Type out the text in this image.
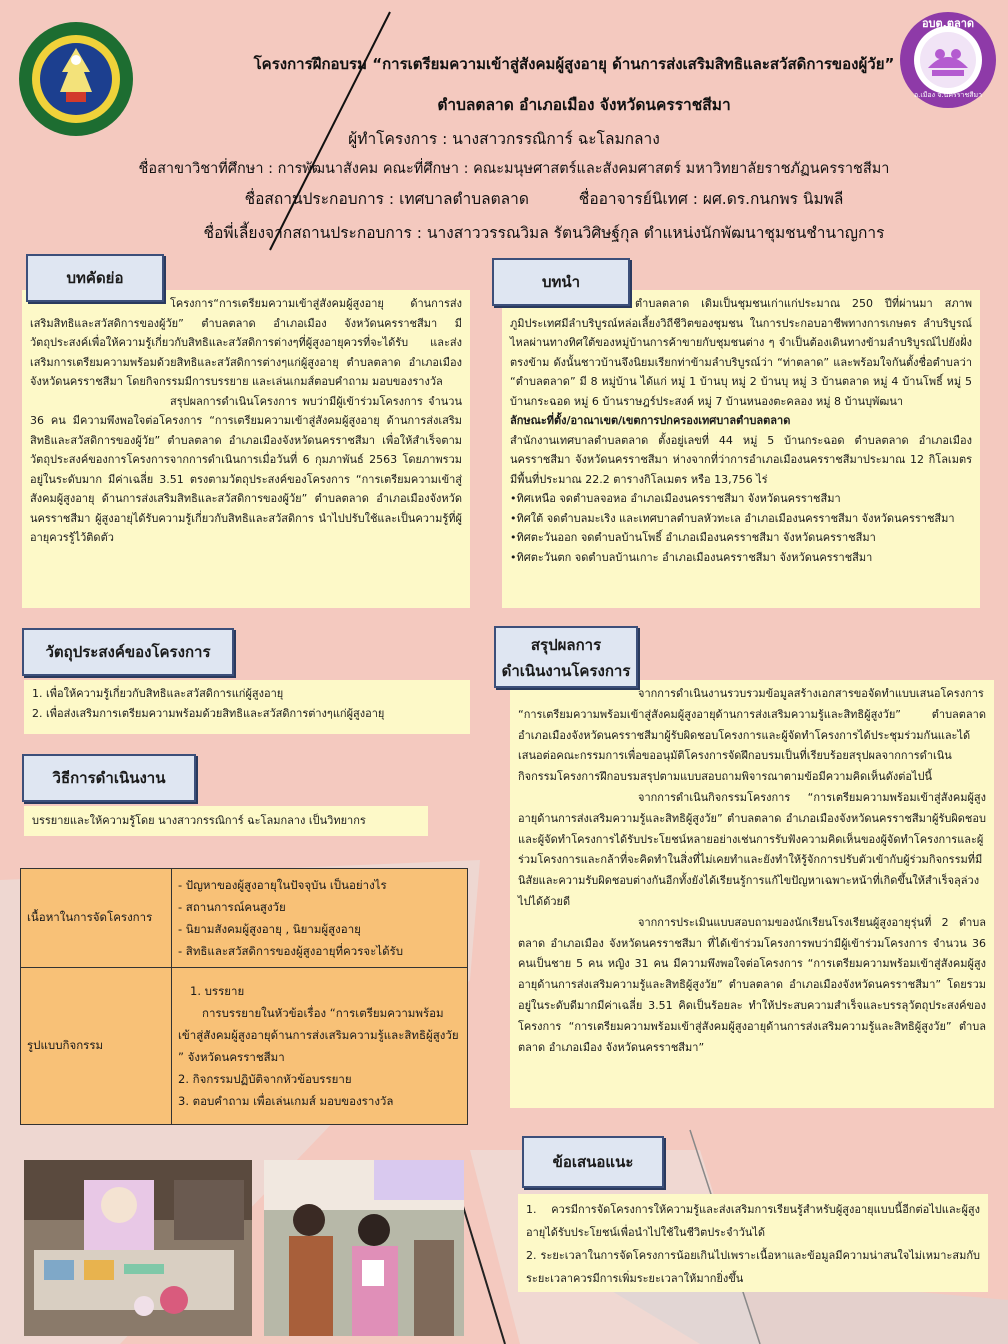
อบต.ตลาด
อ.เมือง จ.นครราชสีมา
โครงการฝึกอบรม “การเตรียมความเข้าสู่สังคมผู้สูงอายุ ด้านการส่งเสริมสิทธิและสวัสดิการของผู้วัย”
ตำบลตลาด อำเภอเมือง จังหวัดนครราชสีมา
ผู้ทำโครงการ : นางสาวกรรณิการ์ ฉะโลมกลาง
ชื่อสาขาวิชาที่ศึกษา : การพัฒนาสังคม คณะที่ศึกษา : คณะมนุษศาสตร์และสังคมศาสตร์ มหาวิทยาลัยราชภัฏนครราชสีมา
ชื่อสถานประกอบการ : เทศบาลตำบลตลาด	ชื่ออาจารย์นิเทศ : ผศ.ดร.กนกพร นิมพลี
ชื่อพี่เลี้ยงจากสถานประกอบการ : นางสาววรรณวิมล รัตนวิศิษฐ์กุล ตำแหน่งนักพัฒนาชุมชนชำนาญการ

โครงการ“การเตรียมความเข้าสู่สังคมผู้สูงอายุ ด้านการส่งเสริมสิทธิและสวัสดิการของผู้วัย” ตำบลตลาด อำเภอเมือง จังหวัดนครราชสีมา มีวัตถุประสงค์เพื่อให้ความรู้เกี่ยวกับสิทธิและสวัสดิการต่างๆที่ผู้สูงอายุควรที่จะได้รับ และส่งเสริมการเตรียมความพร้อมด้วยสิทธิและสวัสดิการต่างๆแก่ผู้สูงอายุ ตำบลตลาด อำเภอเมือง จังหวัดนครราชสีมา โดยกิจกรรมมีการบรรยาย และเล่นเกมส์ตอบคำถาม มอบของรางวัล

สรุปผลการดำเนินโครงการ พบว่ามีผู้เข้าร่วมโครงการ จำนวน 36 คน มีความพึงพอใจต่อโครงการ “การเตรียมความเข้าสู่สังคมผู้สูงอายุ ด้านการส่งเสริมสิทธิและสวัสดิการของผู้วัย” ตำบลตลาด อำเภอเมืองจังหวัดนครราชสีมา เพื่อให้สำเร็จตามวัตถุประสงค์ของการโครงการจากการดำเนินการเมื่อวันที่ 6 กุมภาพันธ์ 2563 โดยภาพรวมอยู่ในระดับมาก มีค่าเฉลี่ย 3.51 ตรงตามวัตถุประสงค์ของโครงการ “การเตรียมความเข้าสู่สังคมผู้สูงอายุ ด้านการส่งเสริมสิทธิและสวัสดิการของผู้วัย” ตำบลตลาด อำเภอเมืองจังหวัดนครราชสีมา ผู้สูงอายุได้รับความรู้เกี่ยวกับสิทธิและสวัสดิการ นำไปปรับใช้และเป็นความรู้ที่ผู้อายุควรรู้ไว้ติดตัว

บทคัดย่อ

ตำบลตลาด เดิมเป็นชุมชนเก่าแก่ประมาณ 250 ปีที่ผ่านมา สภาพภูมิประเทศมีลำบริบูรณ์หล่อเลี้ยงวิถีชีวิตของชุมชน ในการประกอบอาชีพทางการเกษตร ลำบริบูรณ์ไหลผ่านทางทิศใต้ของหมู่บ้านการค้าขายกับชุมชนต่าง ๆ จำเป็นต้องเดินทางข้ามลำบริบูรณ์ไปยังฝั่งตรงข้าม ดังนั้นชาวบ้านจึงนิยมเรียกท่าข้ามลำบริบูรณ์ว่า “ท่าตลาด” และพร้อมใจกันตั้งชื่อตำบลว่า “ตำบลตลาด” มี 8 หมู่บ้าน ได้แก่ หมู่ 1 บ้านบุ หมู่ 2 บ้านบุ หมู่ 3 บ้านตลาด หมู่ 4 บ้านโพธิ์ หมู่ 5 บ้านกระฉอด หมู่ 6 บ้านราษฎร์ประสงค์ หมู่ 7 บ้านหนองตะคลอง หมู่ 8 บ้านบุพัฒนา

ลักษณะที่ตั้ง/อาณาเขต/เขตการปกครองเทศบาลตำบลตลาด

สำนักงานเทศบาลตำบลตลาด ตั้งอยู่เลขที่ 44 หมู่ 5 บ้านกระฉอด ตำบลตลาด อำเภอเมืองนครราชสีมา จังหวัดนครราชสีมา ห่างจากที่ว่าการอำเภอเมืองนครราชสีมาประมาณ 12 กิโลเมตร มีพื้นที่ประมาณ 22.2 ตารางกิโลเมตร หรือ 13,756 ไร่

•ทิศเหนือ จดตำบลจอหอ อำเภอเมืองนครราชสีมา จังหวัดนครราชสีมา

•ทิศใต้ จดตำบลมะเริง และเทศบาลตำบลหัวทะเล อำเภอเมืองนครราชสีมา จังหวัดนครราชสีมา

•ทิศตะวันออก จดตำบลบ้านโพธิ์ อำเภอเมืองนครราชสีมา จังหวัดนครราชสีมา

•ทิศตะวันตก จดตำบลบ้านเกาะ อำเภอเมืองนครราชสีมา จังหวัดนครราชสีมา

บทนำ

1. เพื่อให้ความรู้เกี่ยวกับสิทธิและสวัสดิการแก่ผู้สูงอายุ

2. เพื่อส่งเสริมการเตรียมความพร้อมด้วยสิทธิและสวัสดิการต่างๆแก่ผู้สูงอายุ

วัตถุประสงค์ของโครงการ

บรรยายและให้ความรู้โดย นางสาวกรรณิการ์ ฉะโลมกลาง เป็นวิทยากร

วิธีการดำเนินงาน
เนื้อหาในการจัดโครงการ	- ปัญหาของผู้สูงอายุในปัจจุบัน เป็นอย่างไร
- สถานการณ์คนสูงวัย
- นิยามสังคมผู้สูงอายุ , นิยามผู้สูงอายุ
- สิทธิและสวัสดิการของผู้สูงอายุที่ควรจะได้รับ

รูปแบบกิจกรรม	1. บรรยาย
การบรรยายในหัวข้อเรื่อง “การเตรียมความพร้อมเข้าสู่สังคมผู้สูงอายุด้านการส่งเสริมความรู้และสิทธิผู้สูงวัย ” จังหวัดนครราชสีมา
2. กิจกรรมปฏิบัติจากหัวข้อบรรยาย
3. ตอบคำถาม เพื่อเล่นเกมส์ มอบของรางวัล

จากการดำเนินงานรวบรวมข้อมูลสร้างเอกสารขอจัดทำแบบเสนอโครงการ “การเตรียมความพร้อมเข้าสู่สังคมผู้สูงอายุด้านการส่งเสริมความรู้และสิทธิผู้สูงวัย” ตำบลตลาด อำเภอเมืองจังหวัดนครราชสีมาผู้รับผิดชอบโครงการและผู้จัดทำโครงการได้ประชุมร่วมกันและได้เสนอต่อคณะกรรมการเพื่อขออนุมัติโครงการจัดฝึกอบรมเป็นที่เรียบร้อยสรุปผลจากการดำเนินกิจกรรมโครงการฝึกอบรมสรุปตามแบบสอบถามพิจารณาตามข้อมีความคิดเห็นดังต่อไปนี้

จากการดำเนินกิจกรรมโครงการ “การเตรียมความพร้อมเข้าสู่สังคมผู้สูงอายุด้านการส่งเสริมความรู้และสิทธิผู้สูงวัย” ตำบลตลาด อำเภอเมืองจังหวัดนครราชสีมาผู้รับผิดชอบและผู้จัดทำโครงการได้รับประโยชน์หลายอย่างเช่นการรับฟังความคิดเห็นของผู้จัดทำโครงการและผู้ร่วมโครงการและกล้าที่จะคิดทำในสิ่งที่ไม่เคยทำและยังทำให้รู้จักการปรับตัวเข้ากับผู้ร่วมกิจกรรมที่มีนิสัยและความรับผิดชอบต่างกันอีกทั้งยังได้เรียนรู้การแก้ไขปัญหาเฉพาะหน้าที่เกิดขึ้นให้สำเร็จลุล่วงไปได้ด้วยดี

จากการประเมินแบบสอบถามของนักเรียนโรงเรียนผู้สูงอายุรุ่นที่ 2 ตำบลตลาด อำเภอเมือง จังหวัดนครราชสีมา ที่ได้เข้าร่วมโครงการพบว่ามีผู้เข้าร่วมโครงการ จำนวน 36 คนเป็นชาย 5 คน หญิง 31 คน มีความพึงพอใจต่อโครงการ “การเตรียมความพร้อมเข้าสู่สังคมผู้สูงอายุด้านการส่งเสริมความรู้และสิทธิผู้สูงวัย” ตำบลตลาด อำเภอเมืองจังหวัดนครราชสีมา” โดยรวมอยู่ในระดับดีมากมีค่าเฉลี่ย 3.51 คิดเป็นร้อยละ ทำให้ประสบความสำเร็จและบรรลุวัตถุประสงค์ของโครงการ “การเตรียมความพร้อมเข้าสู่สังคมผู้สูงอายุด้านการส่งเสริมความรู้และสิทธิผู้สูงวัย” ตำบลตลาด อำเภอเมือง จังหวัดนครราชสีมา”

สรุปผลการ
ดำเนินงานโครงการ

1. ควรมีการจัดโครงการให้ความรู้และส่งเสริมการเรียนรู้สำหรับผู้สูงอายุแบบนี้อีกต่อไปและผู้สูงอายุได้รับประโยชน์เพื่อนำไปใช้ในชีวิตประจำวันได้

2. ระยะเวลาในการจัดโครงการน้อยเกินไปเพราะเนื้อหาและข้อมูลมีความน่าสนใจไม่เหมาะสมกับระยะเวลาควรมีการเพิ่มระยะเวลาให้มากยิ่งขึ้น

ข้อเสนอแนะ
